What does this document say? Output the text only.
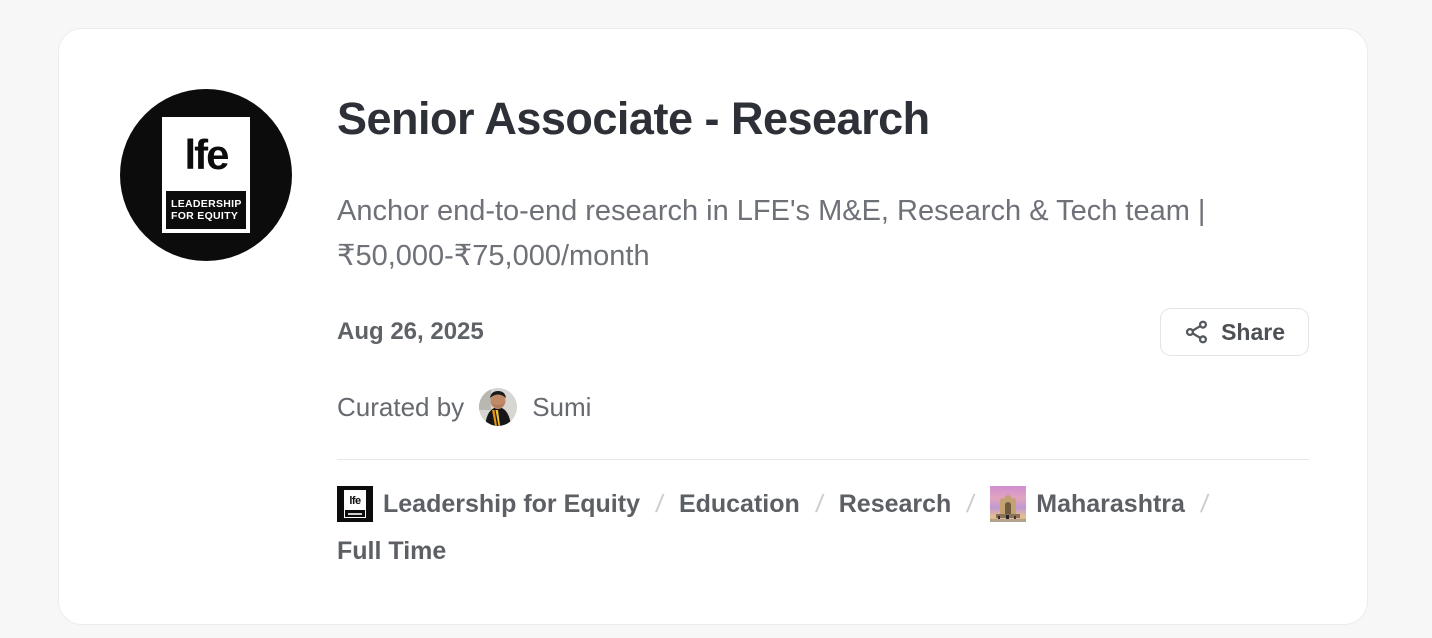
lfe
LEADERSHIP
FOR EQUITY
Senior Associate - Research

Anchor end-to-end research in LFE's M&E, Research & Tech team | ₹50,000-₹75,000/month

Aug 26, 2025	Share
Curated by	Sumi
lfe Leadership for Equity / Education / Research / Maharashtra /
Full Time
